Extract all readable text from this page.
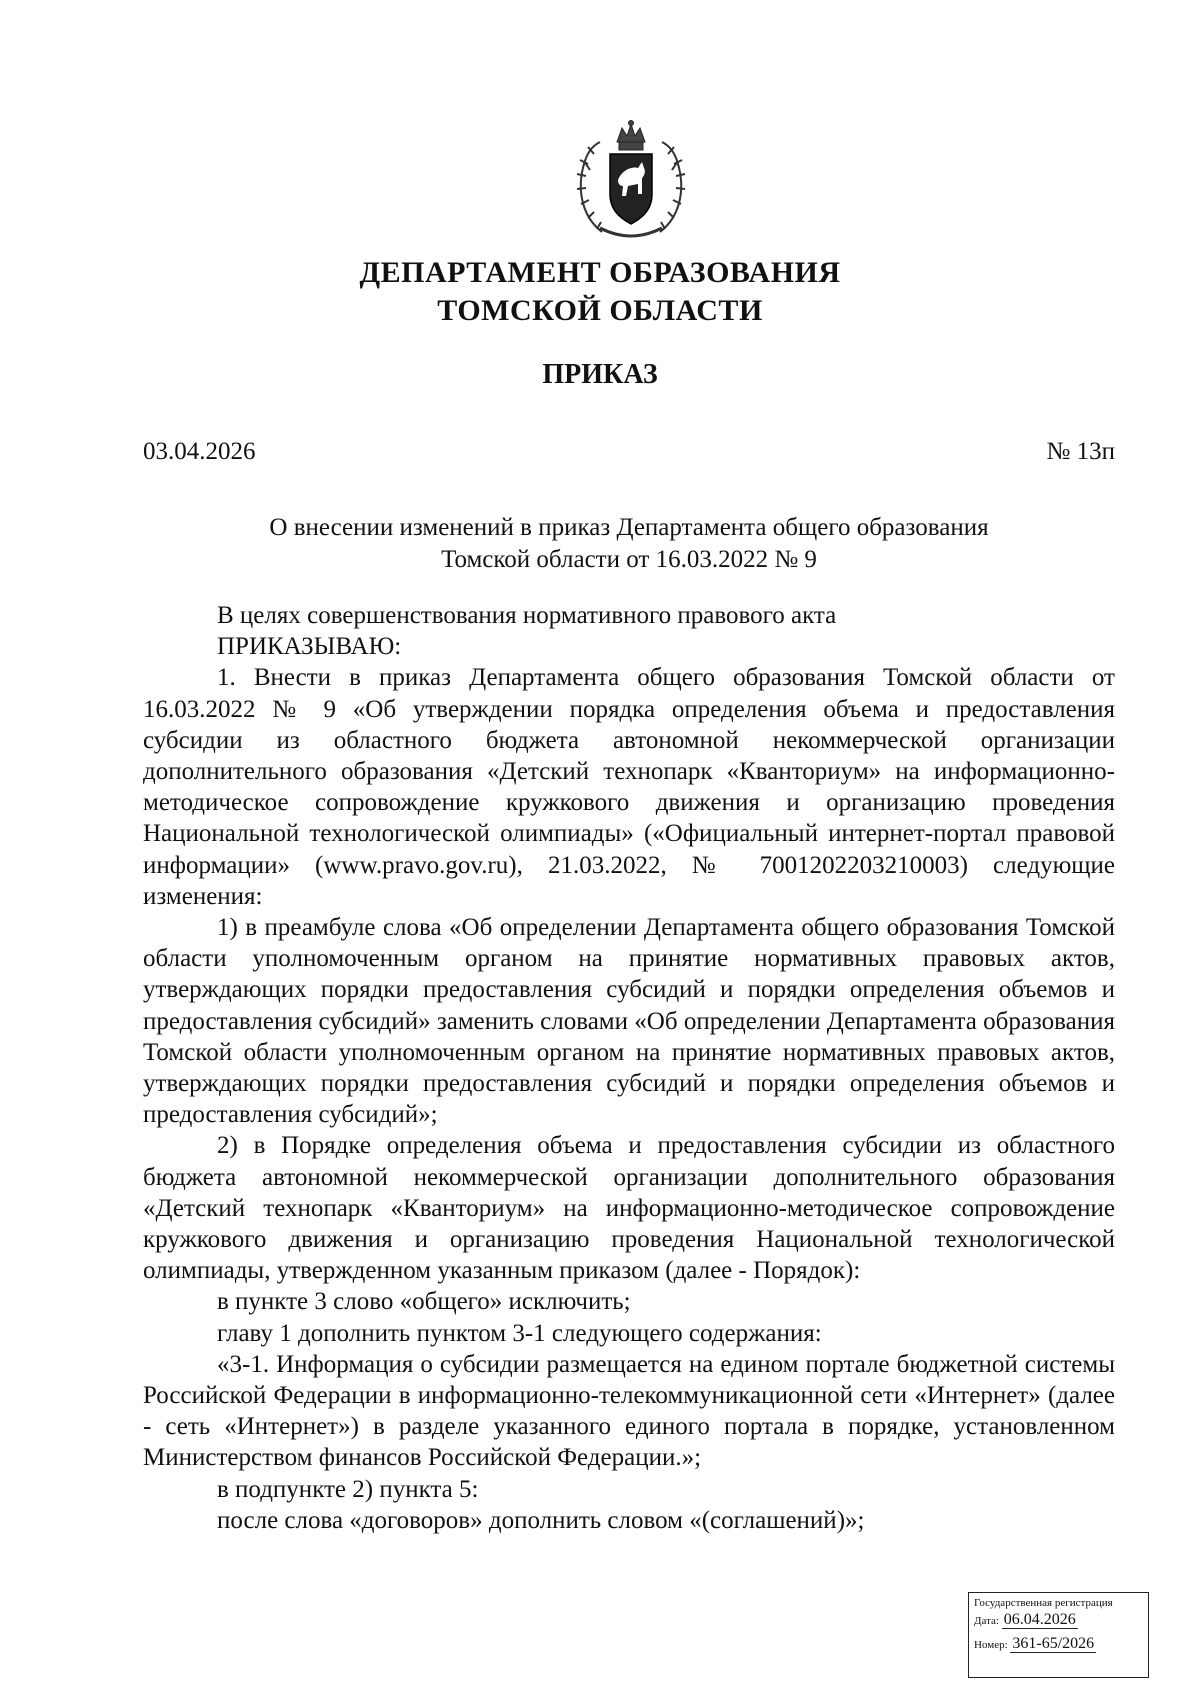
ДЕПАРТАМЕНТ ОБРАЗОВАНИЯ
ТОМСКОЙ ОБЛАСТИ
ПРИКАЗ
03.04.2026	№ 13п
О внесении изменений в приказ Департамента общего образования
Томской области от 16.03.2022 № 9

В целях совершенствования нормативного правового акта

ПРИКАЗЫВАЮ:

1. Внести в приказ Департамента общего образования Томской области от 16.03.2022 № 9 «Об утверждении порядка определения объема и предоставления субсидии из областного бюджета автономной некоммерческой организации дополнительного образования «Детский технопарк «Кванториум» на информационно-методическое сопровождение кружкового движения и организацию проведения Национальной технологической олимпиады» («Официальный интернет-портал правовой информации» (www.pravo.gov.ru), 21.03.2022, № 7001202203210003) следующие изменения:

1) в преамбуле слова «Об определении Департамента общего образования Томской области уполномоченным органом на принятие нормативных правовых актов, утверждающих порядки предоставления субсидий и порядки определения объемов и предоставления субсидий» заменить словами «Об определении Департамента образования Томской области уполномоченным органом на принятие нормативных правовых актов, утверждающих порядки предоставления субсидий и порядки определения объемов и предоставления субсидий»;

2) в Порядке определения объема и предоставления субсидии из областного бюджета автономной некоммерческой организации дополнительного образования «Детский технопарк «Кванториум» на информационно-методическое сопровождение кружкового движения и организацию проведения Национальной технологической олимпиады, утвержденном указанным приказом (далее - Порядок):

в пункте 3 слово «общего» исключить;

главу 1 дополнить пунктом 3-1 следующего содержания:

«3-1. Информация о субсидии размещается на едином портале бюджетной системы Российской Федерации в информационно-телекоммуникационной сети «Интернет» (далее - сеть «Интернет») в разделе указанного единого портала в порядке, установленном Министерством финансов Российской Федерации.»;

в подпункте 2) пункта 5:

после слова «договоров» дополнить словом «(соглашений)»;

Государственная регистрация
Дата: 06.04.2026
Номер: 361-65/2026
